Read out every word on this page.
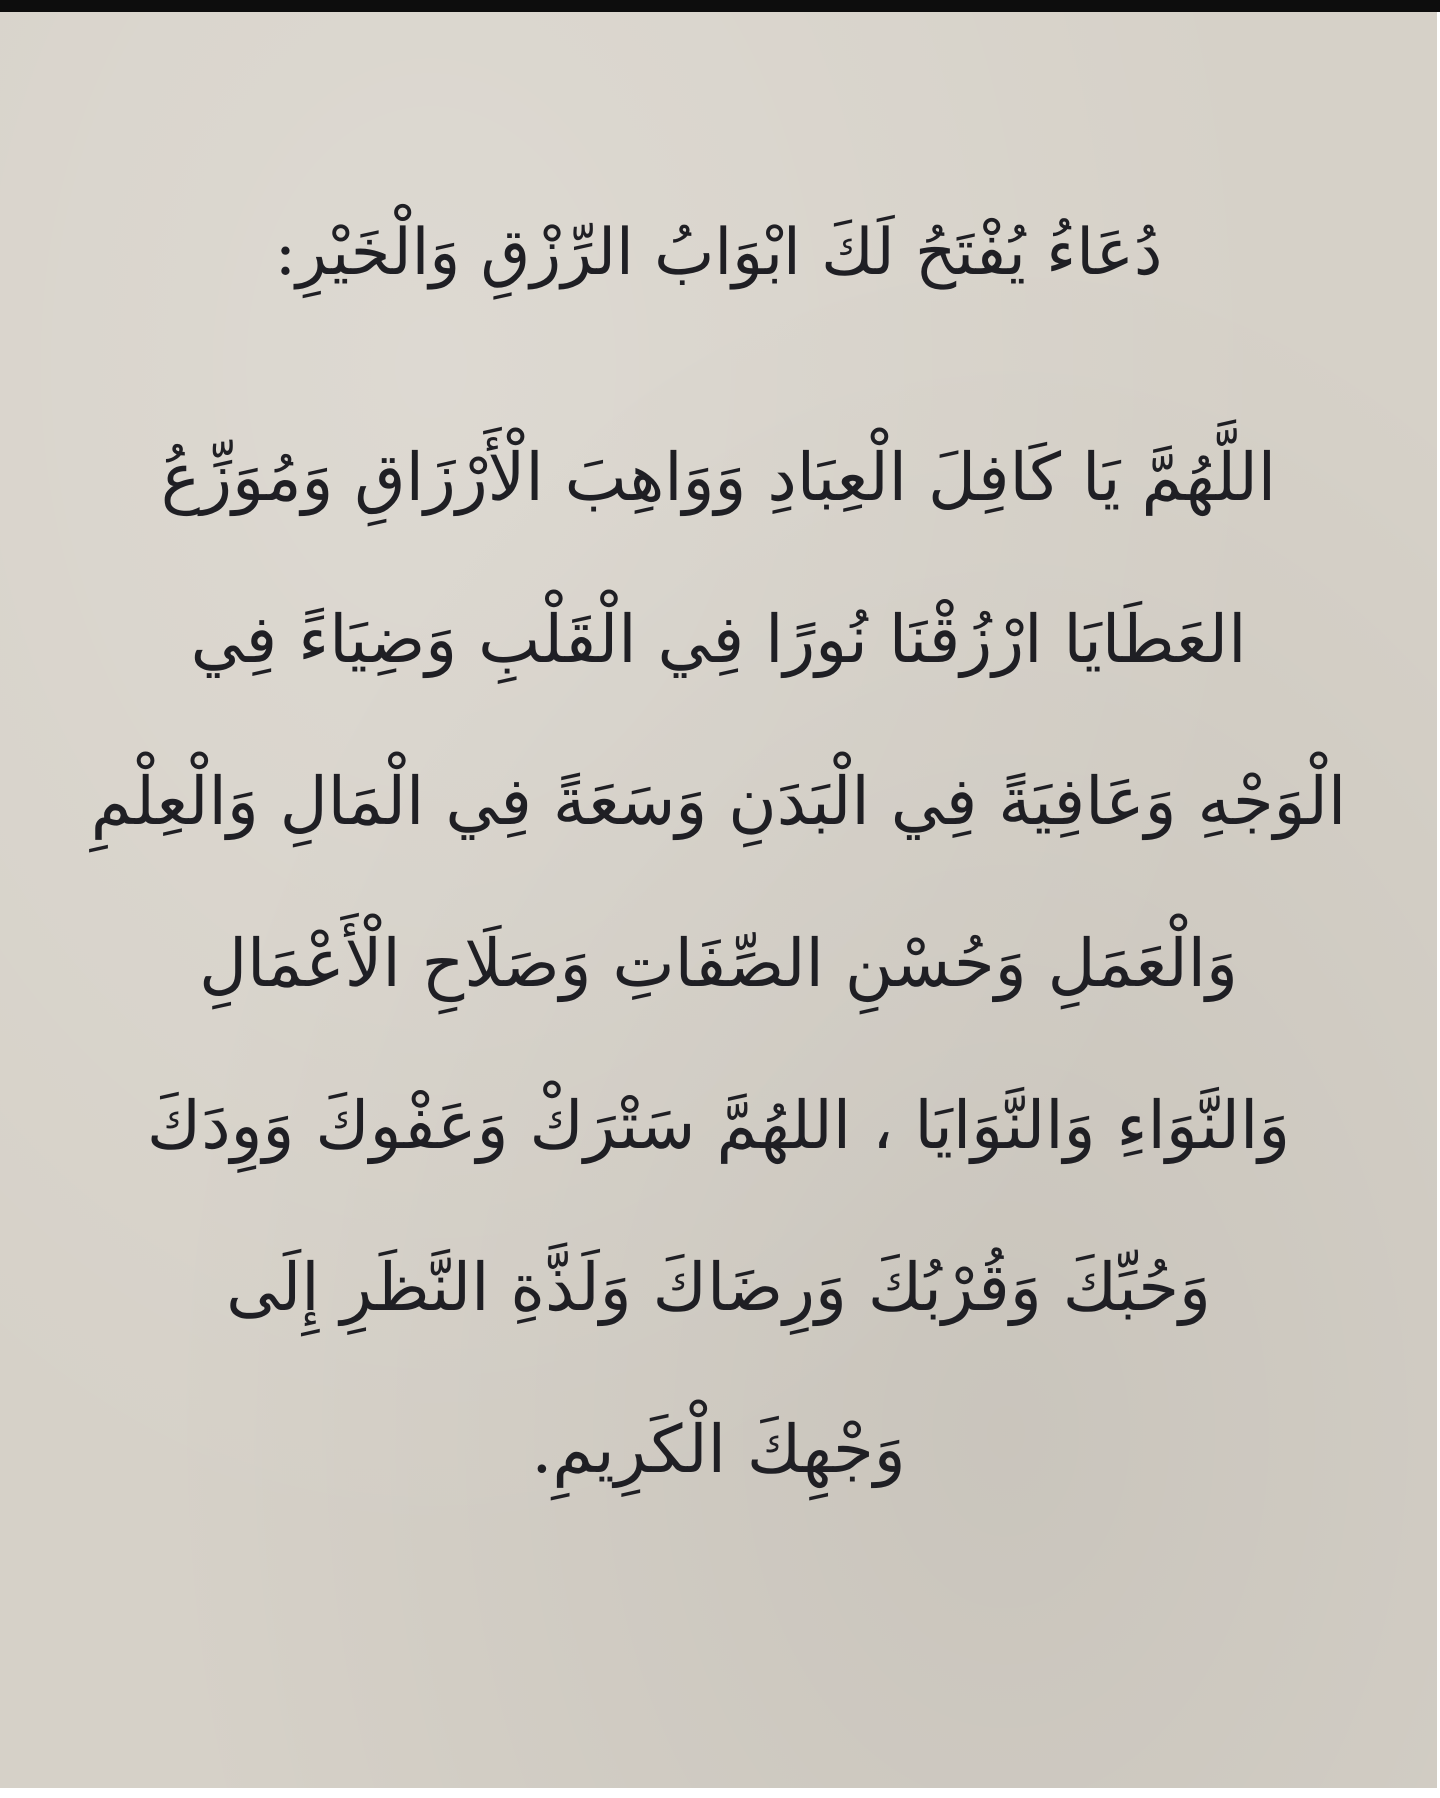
دُعَاءُ يُفْتَحُ لَكَ ابْوَابُ الرِّزْقِ وَالْخَيْرِ:
اللَّهُمَّ يَا كَافِلَ الْعِبَادِ وَوَاهِبَ الْأَرْزَاقِ وَمُوَزِّعُ
العَطَايَا ارْزُقْنَا نُورًا فِي الْقَلْبِ وَضِيَاءً فِي
الْوَجْهِ وَعَافِيَةً فِي الْبَدَنِ وَسَعَةً فِي الْمَالِ وَالْعِلْمِ
وَالْعَمَلِ وَحُسْنِ الصِّفَاتِ وَصَلَاحِ الْأَعْمَالِ
وَالنَّوَاءِ وَالنَّوَايَا ، اللهُمَّ سَتْرَكْ وَعَفْوكَ وَوِدَكَ
وَحُبِّكَ وَقُرْبُكَ وَرِضَاكَ وَلَذَّةِ النَّظَرِ إِلَى
وَجْهِكَ الْكَرِيمِ.
